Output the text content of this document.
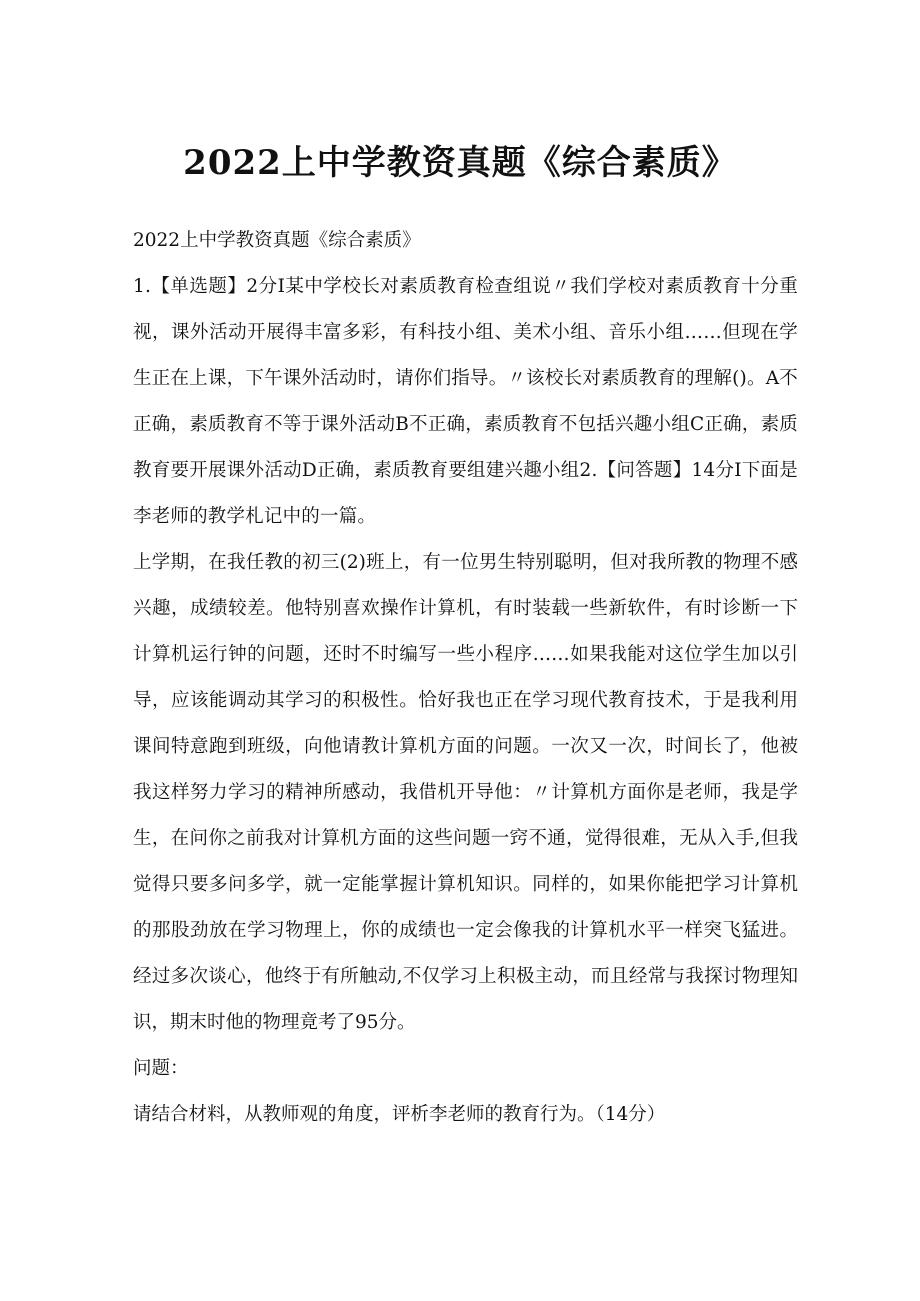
2022上中学教资真题《综合素质》

2022上中学教资真题《综合素质》

1.【单选题】2分I某中学校长对素质教育检查组说〃我们学校对素质教育十分重视，课外活动开展得丰富多彩，有科技小组、美术小组、音乐小组……但现在学生正在上课，下午课外活动时，请你们指导。〃该校长对素质教育的理解()。A不正确，素质教育不等于课外活动B不正确，素质教育不包括兴趣小组C正确，素质教育要开展课外活动D正确，素质教育要组建兴趣小组2.【问答题】14分I下面是李老师的教学札记中的一篇。

上学期，在我任教的初三(2)班上，有一位男生特别聪明，但对我所教的物理不感兴趣，成绩较差。他特别喜欢操作计算机，有时装载一些新软件，有时诊断一下计算机运行钟的问题，还时不时编写一些小程序……如果我能对这位学生加以引导，应该能调动其学习的积极性。恰好我也正在学习现代教育技术，于是我利用课间特意跑到班级，向他请教计算机方面的问题。一次又一次，时间长了，他被我这样努力学习的精神所感动，我借机开导他：〃计算机方面你是老师，我是学生，在问你之前我对计算机方面的这些问题一窍不通，觉得很难，无从入手,但我觉得只要多问多学，就一定能掌握计算机知识。同样的，如果你能把学习计算机的那股劲放在学习物理上，你的成绩也一定会像我的计算机水平一样突飞猛进。经过多次谈心，他终于有所触动,不仅学习上积极主动，而且经常与我探讨物理知识，期末时他的物理竟考了95分。

问题：

请结合材料，从教师观的角度，评析李老师的教育行为。（14分）
